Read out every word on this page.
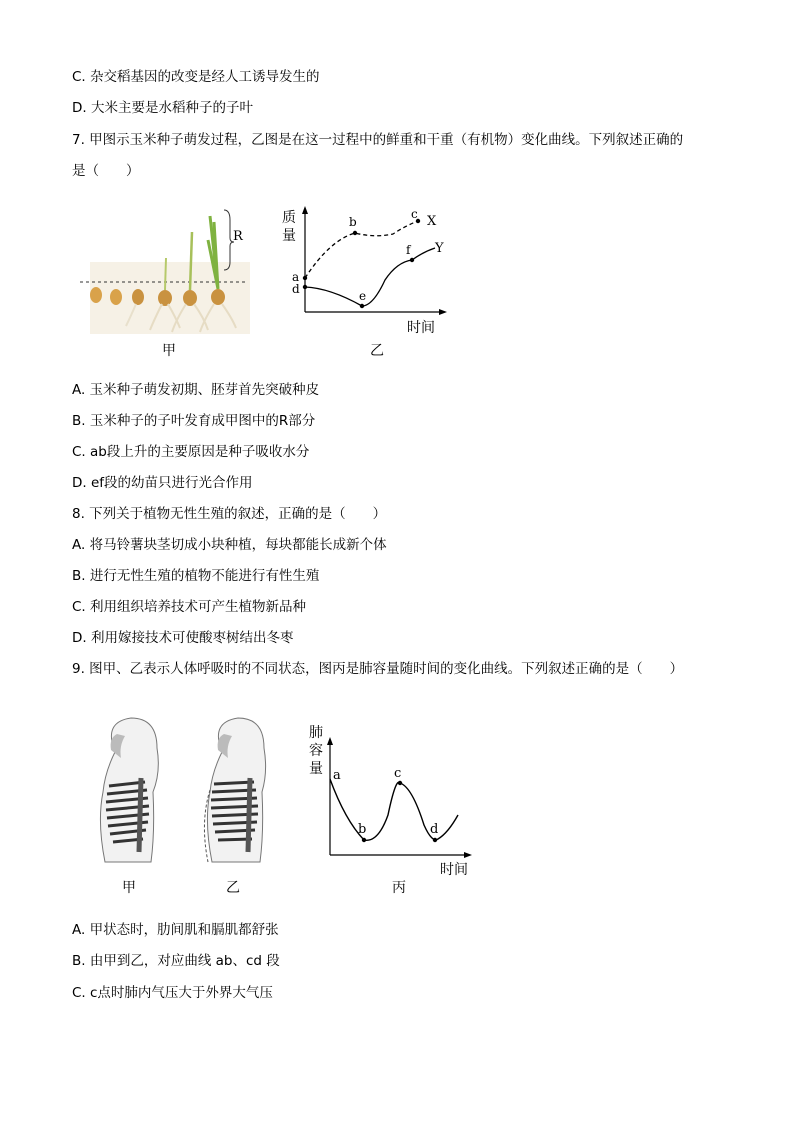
C. 杂交稻基因的改变是经人工诱导发生的
D. 大米主要是水稻种子的子叶
7. 甲图示玉米种子萌发过程，乙图是在这一过程中的鲜重和干重（有机物）变化曲线。下列叙述正确的
是（　　）
R
甲
质
量
时间
a
b
c
d	e
f
X
Y
乙
A. 玉米种子萌发初期、胚芽首先突破种皮
B. 玉米种子的子叶发育成甲图中的R部分
C. ab段上升的主要原因是种子吸收水分
D. ef段的幼苗只进行光合作用
8. 下列关于植物无性生殖的叙述，正确的是（　　）
A. 将马铃薯块茎切成小块种植，每块都能长成新个体
B. 进行无性生殖的植物不能进行有性生殖
C. 利用组织培养技术可产生植物新品种
D. 利用嫁接技术可使酸枣树结出冬枣
9. 图甲、乙表示人体呼吸时的不同状态，图丙是肺容量随时间的变化曲线。下列叙述正确的是（　　）
甲	乙
肺
容
量
时间
a
b
c
d
丙
A. 甲状态时，肋间肌和膈肌都舒张
B. 由甲到乙，对应曲线 ab、cd 段
C. c点时肺内气压大于外界大气压
